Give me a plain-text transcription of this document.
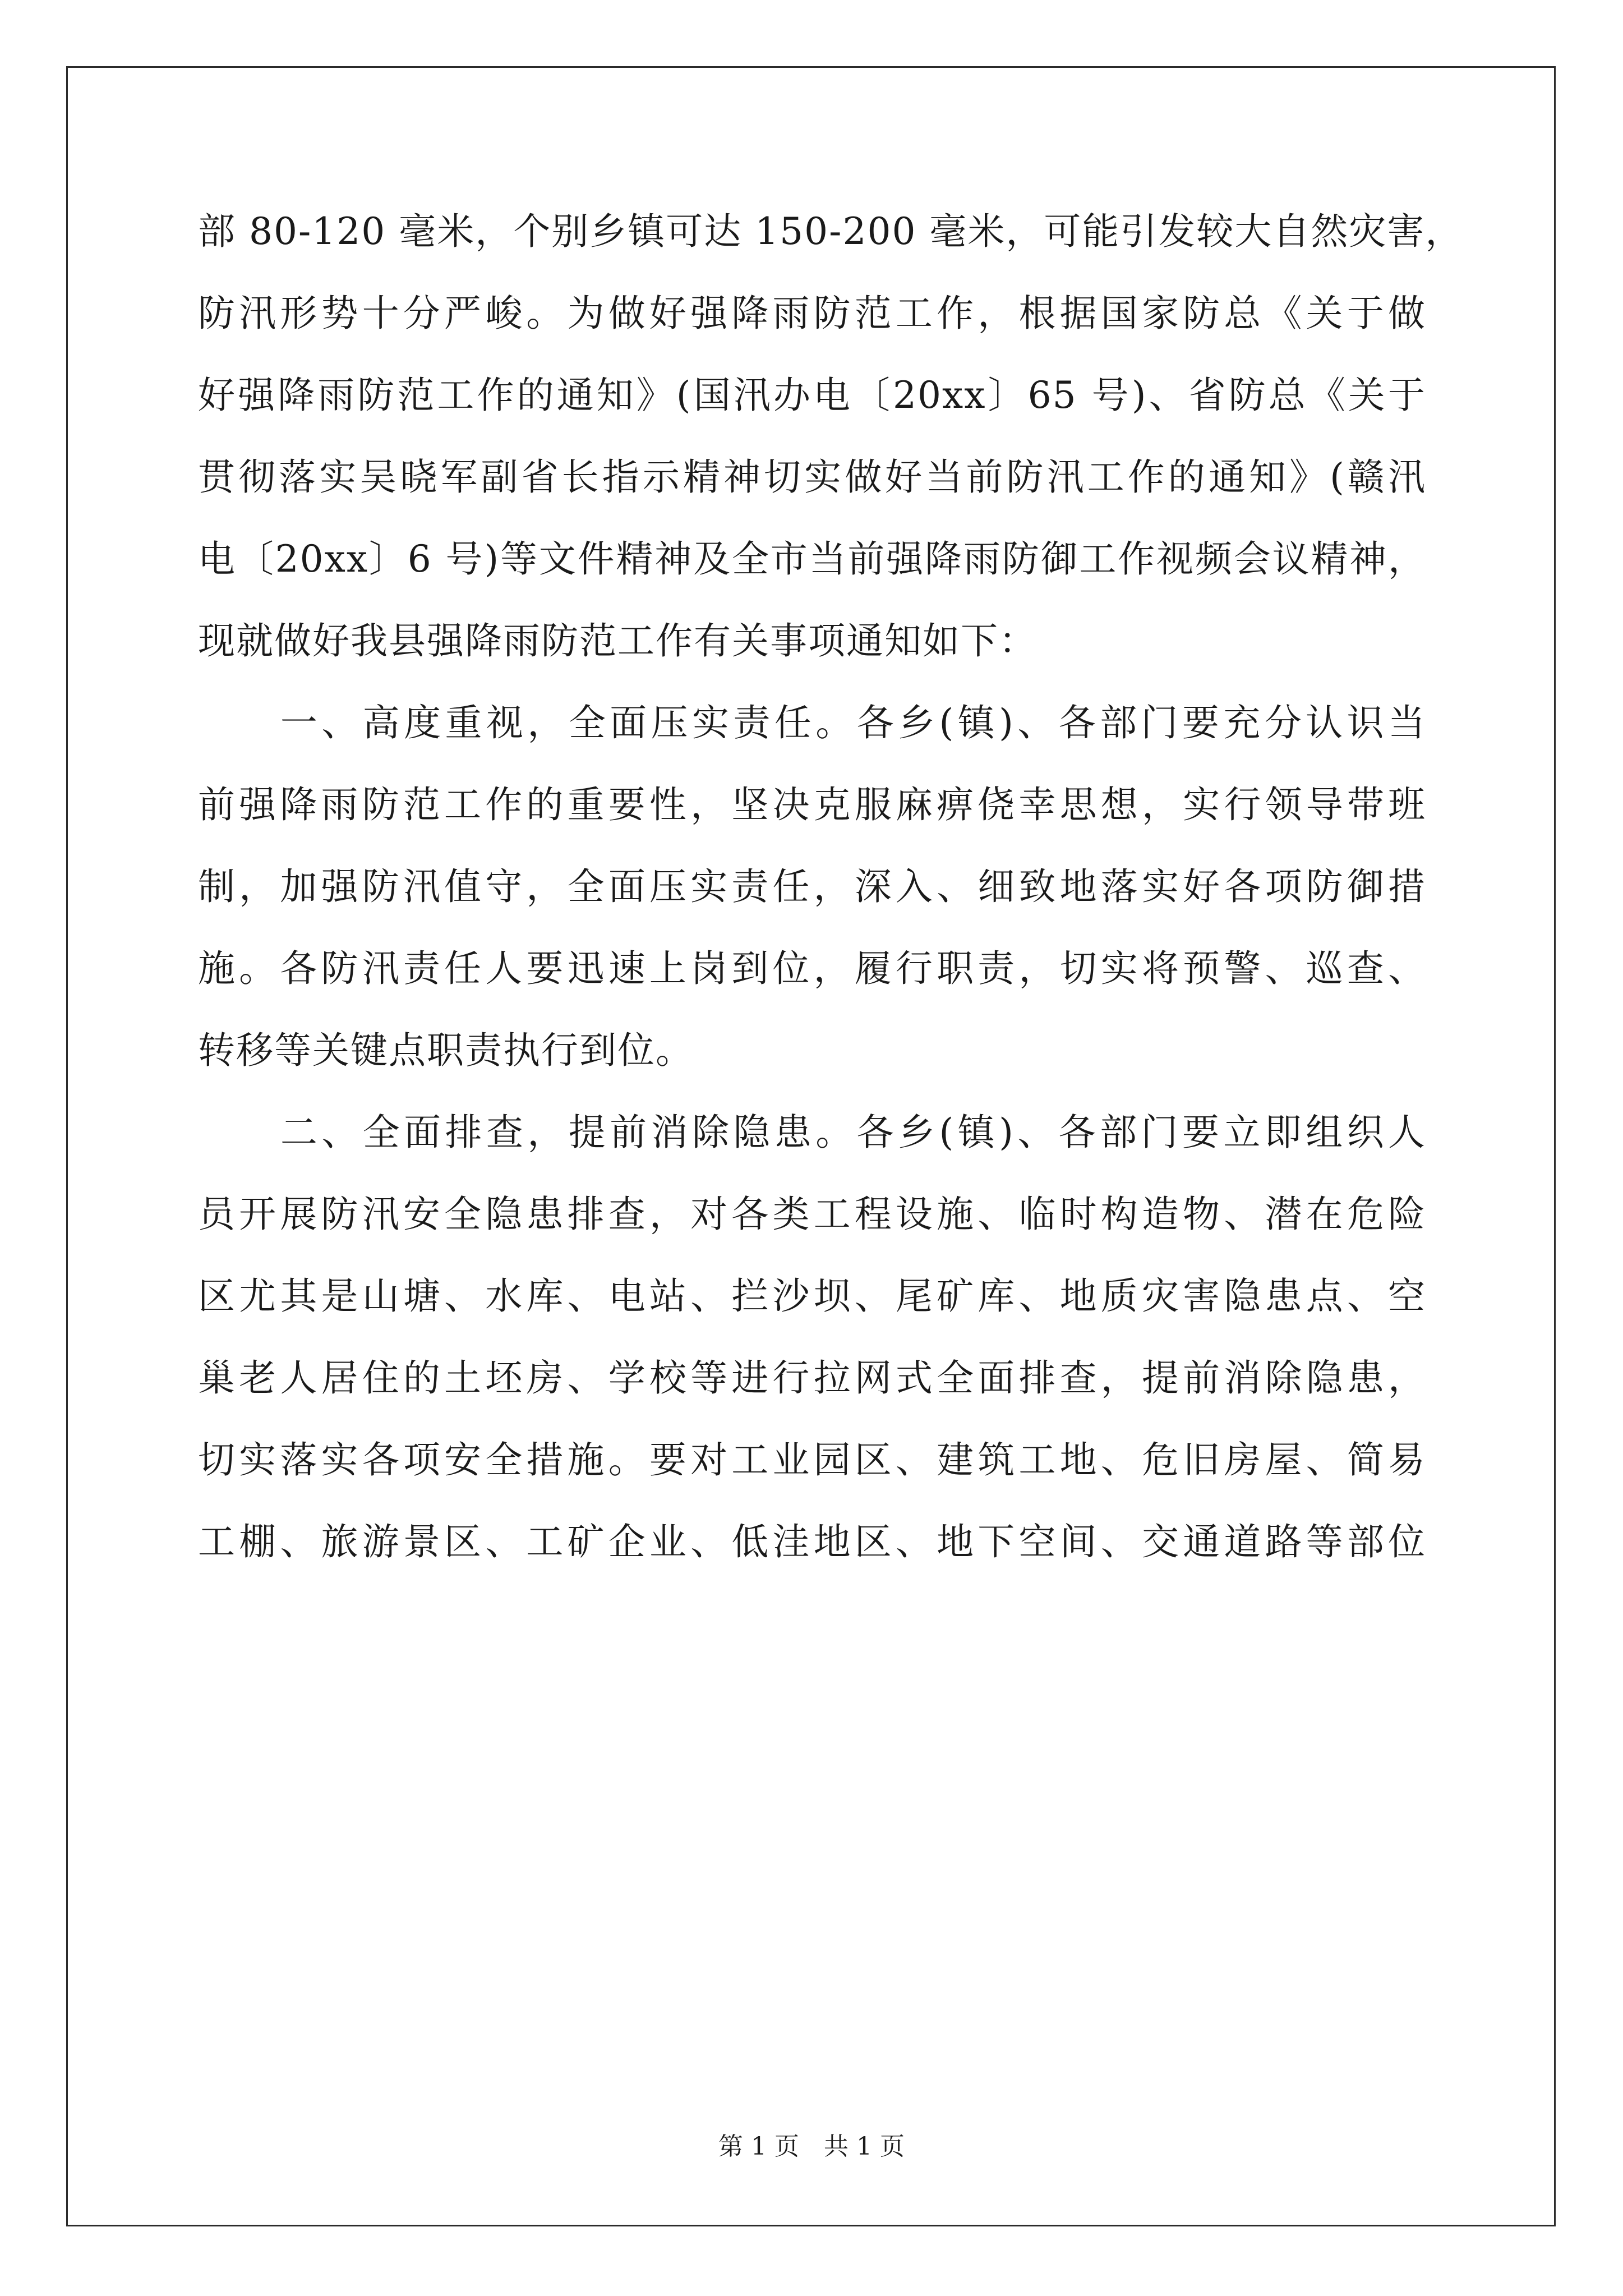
部 80-120 毫米，个别乡镇可达 150-200 毫米，可能引发较大自然灾害，
防汛形势十分严峻。为做好强降雨防范工作，根据国家防总《关于做
好强降雨防范工作的通知》(国汛办电〔20xx〕65 号)、省防总《关于
贯彻落实吴晓军副省长指示精神切实做好当前防汛工作的通知》(赣汛
电〔20xx〕6 号)等文件精神及全市当前强降雨防御工作视频会议精神，
现就做好我县强降雨防范工作有关事项通知如下：
　　一、高度重视，全面压实责任。各乡(镇)、各部门要充分认识当
前强降雨防范工作的重要性，坚决克服麻痹侥幸思想，实行领导带班
制，加强防汛值守，全面压实责任，深入、细致地落实好各项防御措
施。各防汛责任人要迅速上岗到位，履行职责，切实将预警、巡查、
转移等关键点职责执行到位。
　　二、全面排查，提前消除隐患。各乡(镇)、各部门要立即组织人
员开展防汛安全隐患排查，对各类工程设施、临时构造物、潜在危险
区尤其是山塘、水库、电站、拦沙坝、尾矿库、地质灾害隐患点、空
巢老人居住的土坯房、学校等进行拉网式全面排查，提前消除隐患，
切实落实各项安全措施。要对工业园区、建筑工地、危旧房屋、简易
工棚、旅游景区、工矿企业、低洼地区、地下空间、交通道路等部位
第 1 页　共 1 页
